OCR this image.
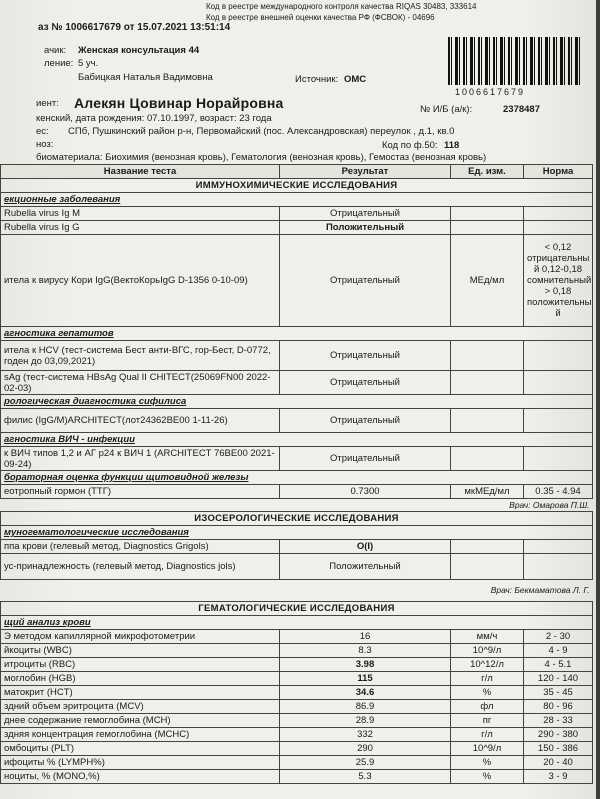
Код в реестре международного контроля качества RIQAS 30483, 333614
Код в реестре внешней оценки качества РФ (ФСВОК) - 04696
аз № 1006617679 от 15.07.2021 13:51:14
ачик: Женская консультация 44
ление: 5 уч.
Бабицкая Наталья Вадимовна	Источник: ОМС
1006617679
иент: Алекян Цовинар Норайровна	№ И/Б (а/к):	2378487
кенский, дата рождения: 07.10.1997, возраст: 23 года
ес: СПб, Пушкинский район р-н, Первомайский (пос. Александровская) переулок , д.1, кв.0
ноз:	Код по ф.50: 118
биоматериала: Биохимия (венозная кровь), Гематология (венозная кровь), Гемостаз (венозная кровь)
Название теста	Результат	Ед. изм.	Норма
ИММУНОХИМИЧЕСКИЕ ИССЛЕДОВАНИЯ			
екционные заболевания			
Rubella virus Ig M	Отрицательный		
Rubella virus Ig G	Положительный		
итела к вирусу Кори IgG(ВектоКорьIgG D-1356 0-10-09)	Отрицательный	МЕд/мл	< 0,12 отрицательны й 0,12-0,18 сомнительный > 0,18 положительны й
агностика гепатитов			
итела к HCV (тест-система Бест анти-ВГС, гор-Бест, D-0772, годен до 03,09,2021)	Отрицательный		
sAg (тест-система HBsAg Qual II CHITECT(25069FN00 2022-02-03)	Отрицательный		
рологическая диагностика сифилиса			
филис (IgG/M)ARCHITECT(лот24362BE00 1-11-26)	Отрицательный		
агностика ВИЧ - инфекции			
к ВИЧ типов 1,2 и АГ р24 к ВИЧ 1 (ARCHITECT 76BE00 2021-09-24)	Отрицательный		
бораторная оценка функции щитовидной железы			
еотропный гормон (ТТГ)	0.7300	мкМЕд/мл	0.35 - 4.94
Врач: Омарова П.Ш.			
ИЗОСЕРОЛОГИЧЕСКИЕ ИССЛЕДОВАНИЯ			
муногематологические исследования			
ппа крови (гелевый метод, Diagnostics Grigols)	O(I)		
ус-принадлежность (гелевый метод, Diagnostics jols)	Положительный		
Врач: Бекмаматова Л. Г.			
ГЕМАТОЛОГИЧЕСКИЕ ИССЛЕДОВАНИЯ			
щий анализ крови			
Э методом капиллярной микрофотометрии	16	мм/ч	2 - 30
йкоциты (WBC)	8.3	10^9/л	4 - 9
итроциты (RBC)	3.98	10^12/л	4 - 5.1
моглобин (HGB)	115	г/л	120 - 140
матокрит (HCT)	34.6	%	35 - 45
здний объем эритроцита (MCV)	86.9	фл	80 - 96
днее содержание гемоглобина (MCH)	28.9	пг	28 - 33
здняя концентрация гемоглобина (MCHC)	332	г/л	290 - 380
омбоциты (PLT)	290	10^9/л	150 - 386
ифоциты % (LYMPH%)	25.9	%	20 - 40
ноциты, % (MONO,%)	5.3	%	3 - 9
